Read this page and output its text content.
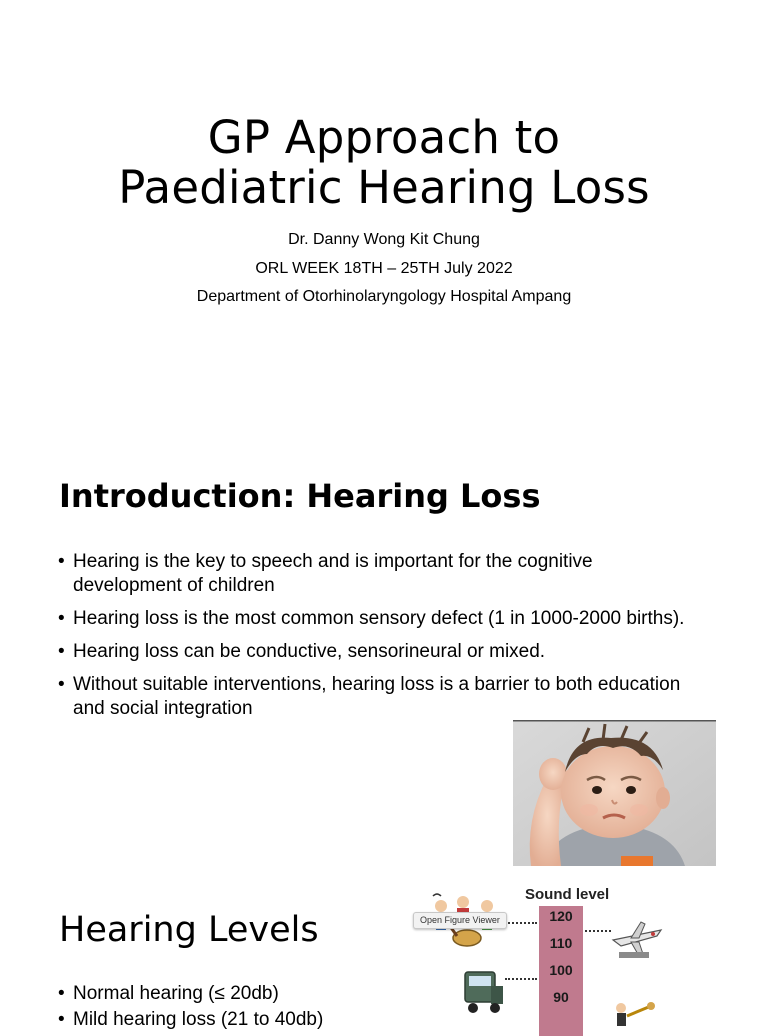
GP Approach to
Paediatric Hearing Loss
Dr. Danny Wong Kit Chung
ORL WEEK 18TH – 25TH July 2022
Department of Otorhinolaryngology Hospital Ampang
Introduction: Hearing Loss
• Hearing is the key to speech and is important for the cognitive development of children
• Hearing loss is the most common sensory defect (1 in 1000-2000 births).
• Hearing loss can be conductive, sensorineural or mixed.
• Without suitable interventions, hearing loss is a barrier to both education and social integration
Hearing Levels
• Normal hearing (≤ 20db)
• Mild hearing loss (21 to 40db)
Sound level
120
110
100
90
Open Figure Viewer
